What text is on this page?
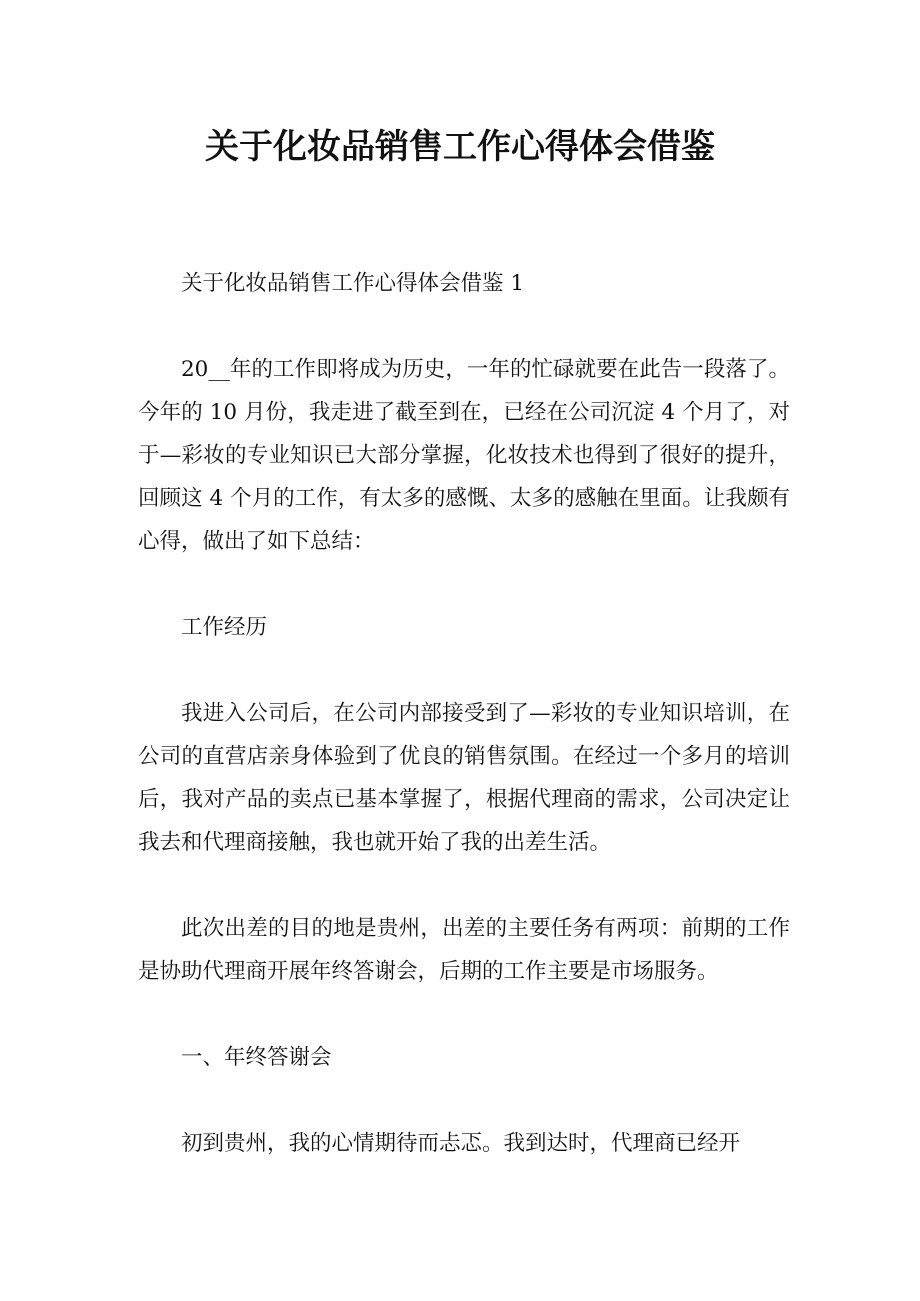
关于化妆品销售工作心得体会借鉴

关于化妆品销售工作心得体会借鉴 1

20__年的工作即将成为历史，一年的忙碌就要在此告一段落了。今年的 10 月份，我走进了截至到在，已经在公司沉淀 4 个月了，对于—彩妆的专业知识已大部分掌握，化妆技术也得到了很好的提升，回顾这 4 个月的工作，有太多的感慨、太多的感触在里面。让我颇有心得，做出了如下总结：

工作经历

我进入公司后，在公司内部接受到了—彩妆的专业知识培训，在公司的直营店亲身体验到了优良的销售氛围。在经过一个多月的培训后，我对产品的卖点已基本掌握了，根据代理商的需求，公司决定让我去和代理商接触，我也就开始了我的出差生活。

此次出差的目的地是贵州，出差的主要任务有两项：前期的工作是协助代理商开展年终答谢会，后期的工作主要是市场服务。

一、年终答谢会

初到贵州，我的心情期待而忐忑。我到达时，代理商已经开
